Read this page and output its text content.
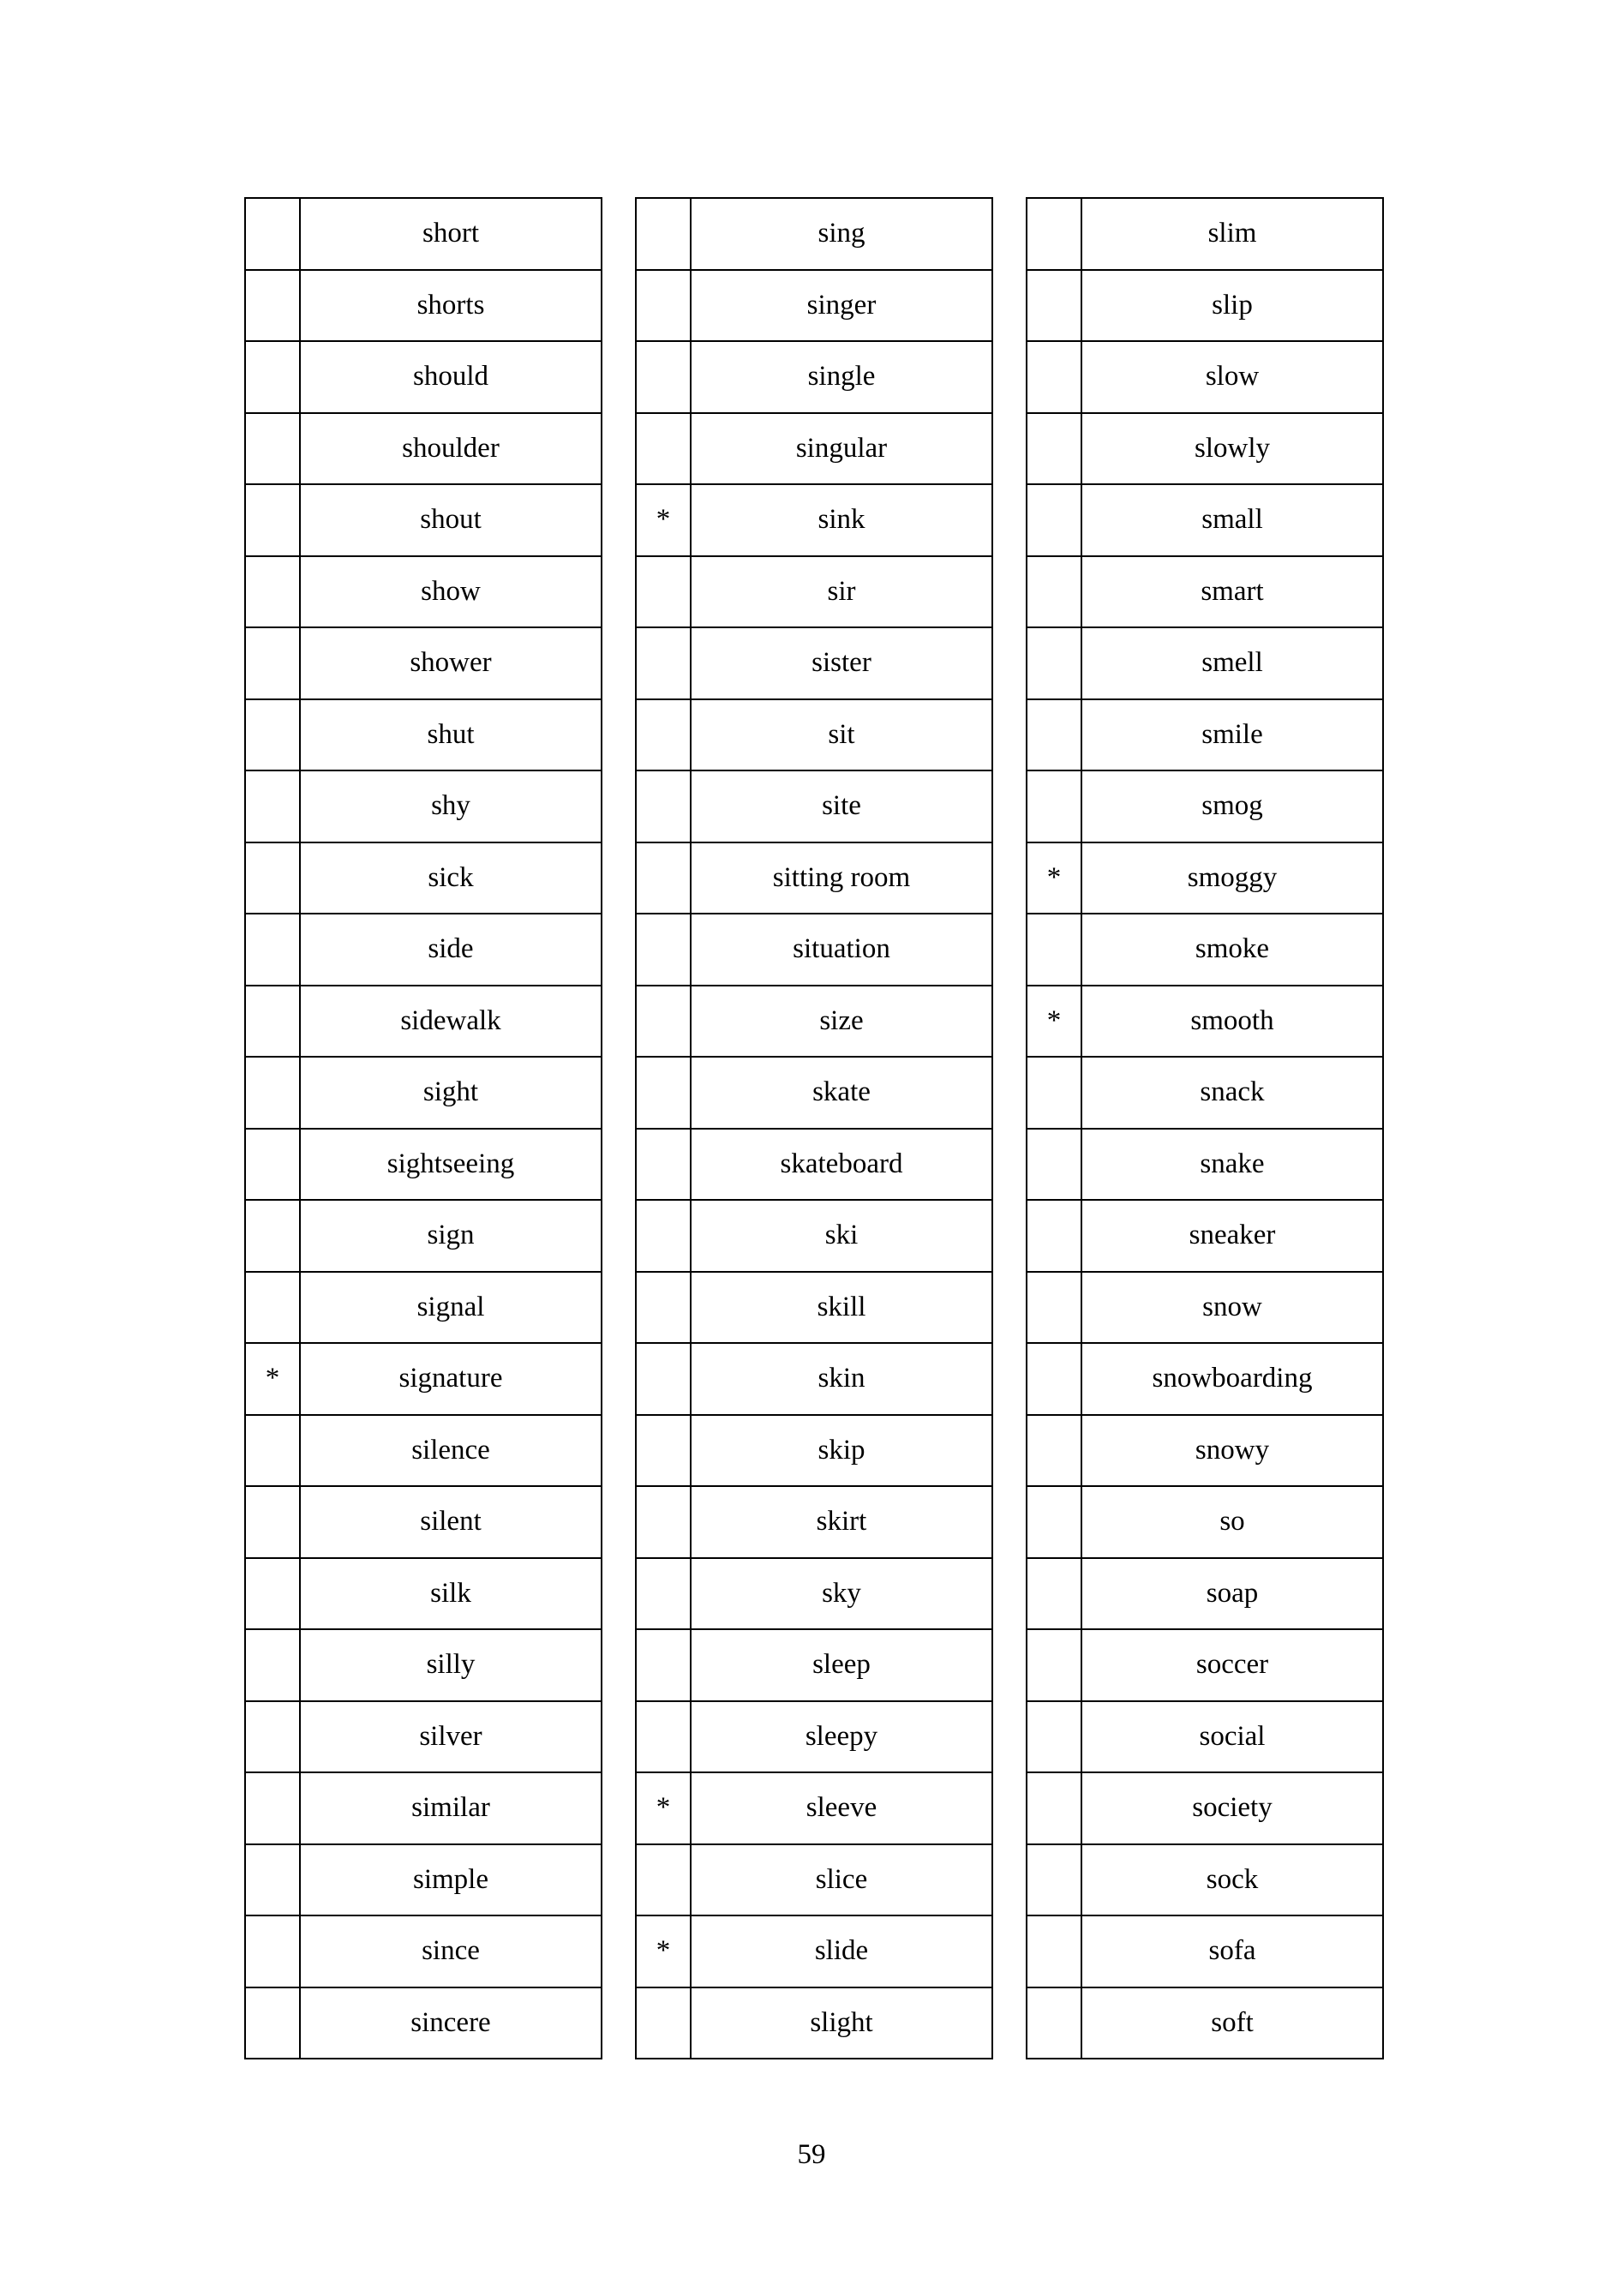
	short
	shorts
	should
	shoulder
	shout
	show
	shower
	shut
	shy
	sick
	side
	sidewalk
	sight
	sightseeing
	sign
	signal
*	signature
	silence
	silent
	silk
	silly
	silver
	similar
	simple
	since
	sincere
	sing
	singer
	single
	singular
*	sink
	sir
	sister
	sit
	site
	sitting room
	situation
	size
	skate
	skateboard
	ski
	skill
	skin
	skip
	skirt
	sky
	sleep
	sleepy
*	sleeve
	slice
*	slide
	slight
	slim
	slip
	slow
	slowly
	small
	smart
	smell
	smile
	smog
*	smoggy
	smoke
*	smooth
	snack
	snake
	sneaker
	snow
	snowboarding
	snowy
	so
	soap
	soccer
	social
	society
	sock
	sofa
	soft
59
